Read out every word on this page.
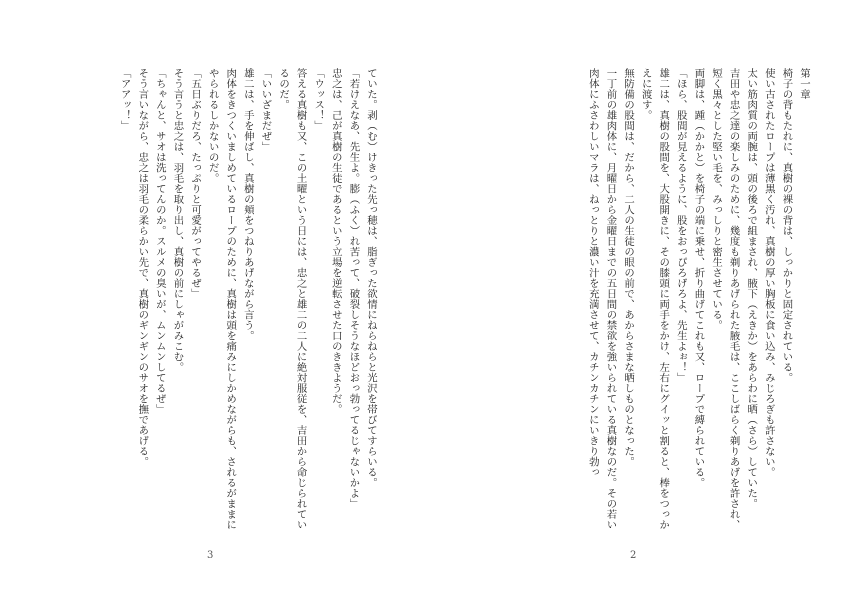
ていた。剥（む）けきった先っ穂は、脂ぎった欲情にねらねらと光沢を帯びてすらいる。

「若けえなあ、先生よ。膨（ふく）れ苦って、破裂しそうなほどおっ勃ってるじゃないかよ」

忠之は、己が真樹の生徒であるという立場を逆転させた口のききようだ。

「ウッス！」

答える真樹も又、この土曜という日には、忠之と雄二の二人に絶対服従を、吉田から命じられているのだ。

「いいざまだぜ」

雄二は、手を伸ばし、真樹の頬をつねりあげながら言う。

肉体をきつくいましめているロープのために、真樹は頭を痛みにしかめながらも、されるがままにやられるしかないのだ。

「五日ぶりだろ、たっぷりと可愛がってやるぜ」

そう言うと忠之は、羽毛を取り出し、真樹の前にしゃがみこむ。

「ちゃんと、サオは洗ってんのか。スルメの臭いが、ムンムンしてるぜ」

そう言いながら、忠之は羽毛の柔らかい先で、真樹のギンギンのサオを撫であげる。

「アアッ！」

3

第一章

椅子の背もたれに、真樹の裸の背は、しっかりと固定されている。

使い古されたロープは薄黒く汚れ、真樹の厚い胸板に食い込み、みじろぎも許さない。

太い筋肉質の両腕は、頭の後ろで組まされ、腋下（えきか）をあらわに晒（さら）していた。

吉田や忠之達の楽しみのために、幾度も剃りあげられた腋毛は、ここしばらく剃りあげを許され、短く黒々とした堅い毛を、みっしりと密生させている。

両脚は、踵（かかと）を椅子の端に乗せ、折り曲げてこれも又、ロープで縛られている。

「ほら、股間が見えるように、股をおっぴろげろよ、先生よぉ！」

雄二は、真樹の股間を、大股開きに、その膝頭に両手をかけ、左右にグイッと割ると、棒をつっかえに渡す。

無防備の股間は、だから、二人の生徒の眼の前で、あからさまな晒しものとなった。

一丁前の雄肉体に、月曜日から金曜日までの五日間の禁欲を強いられている真樹なのだ。その若い肉体にふさわしいマラは、ねっとりと濃い汁を充満させて、カチンカチンにいきり勃っ

2
